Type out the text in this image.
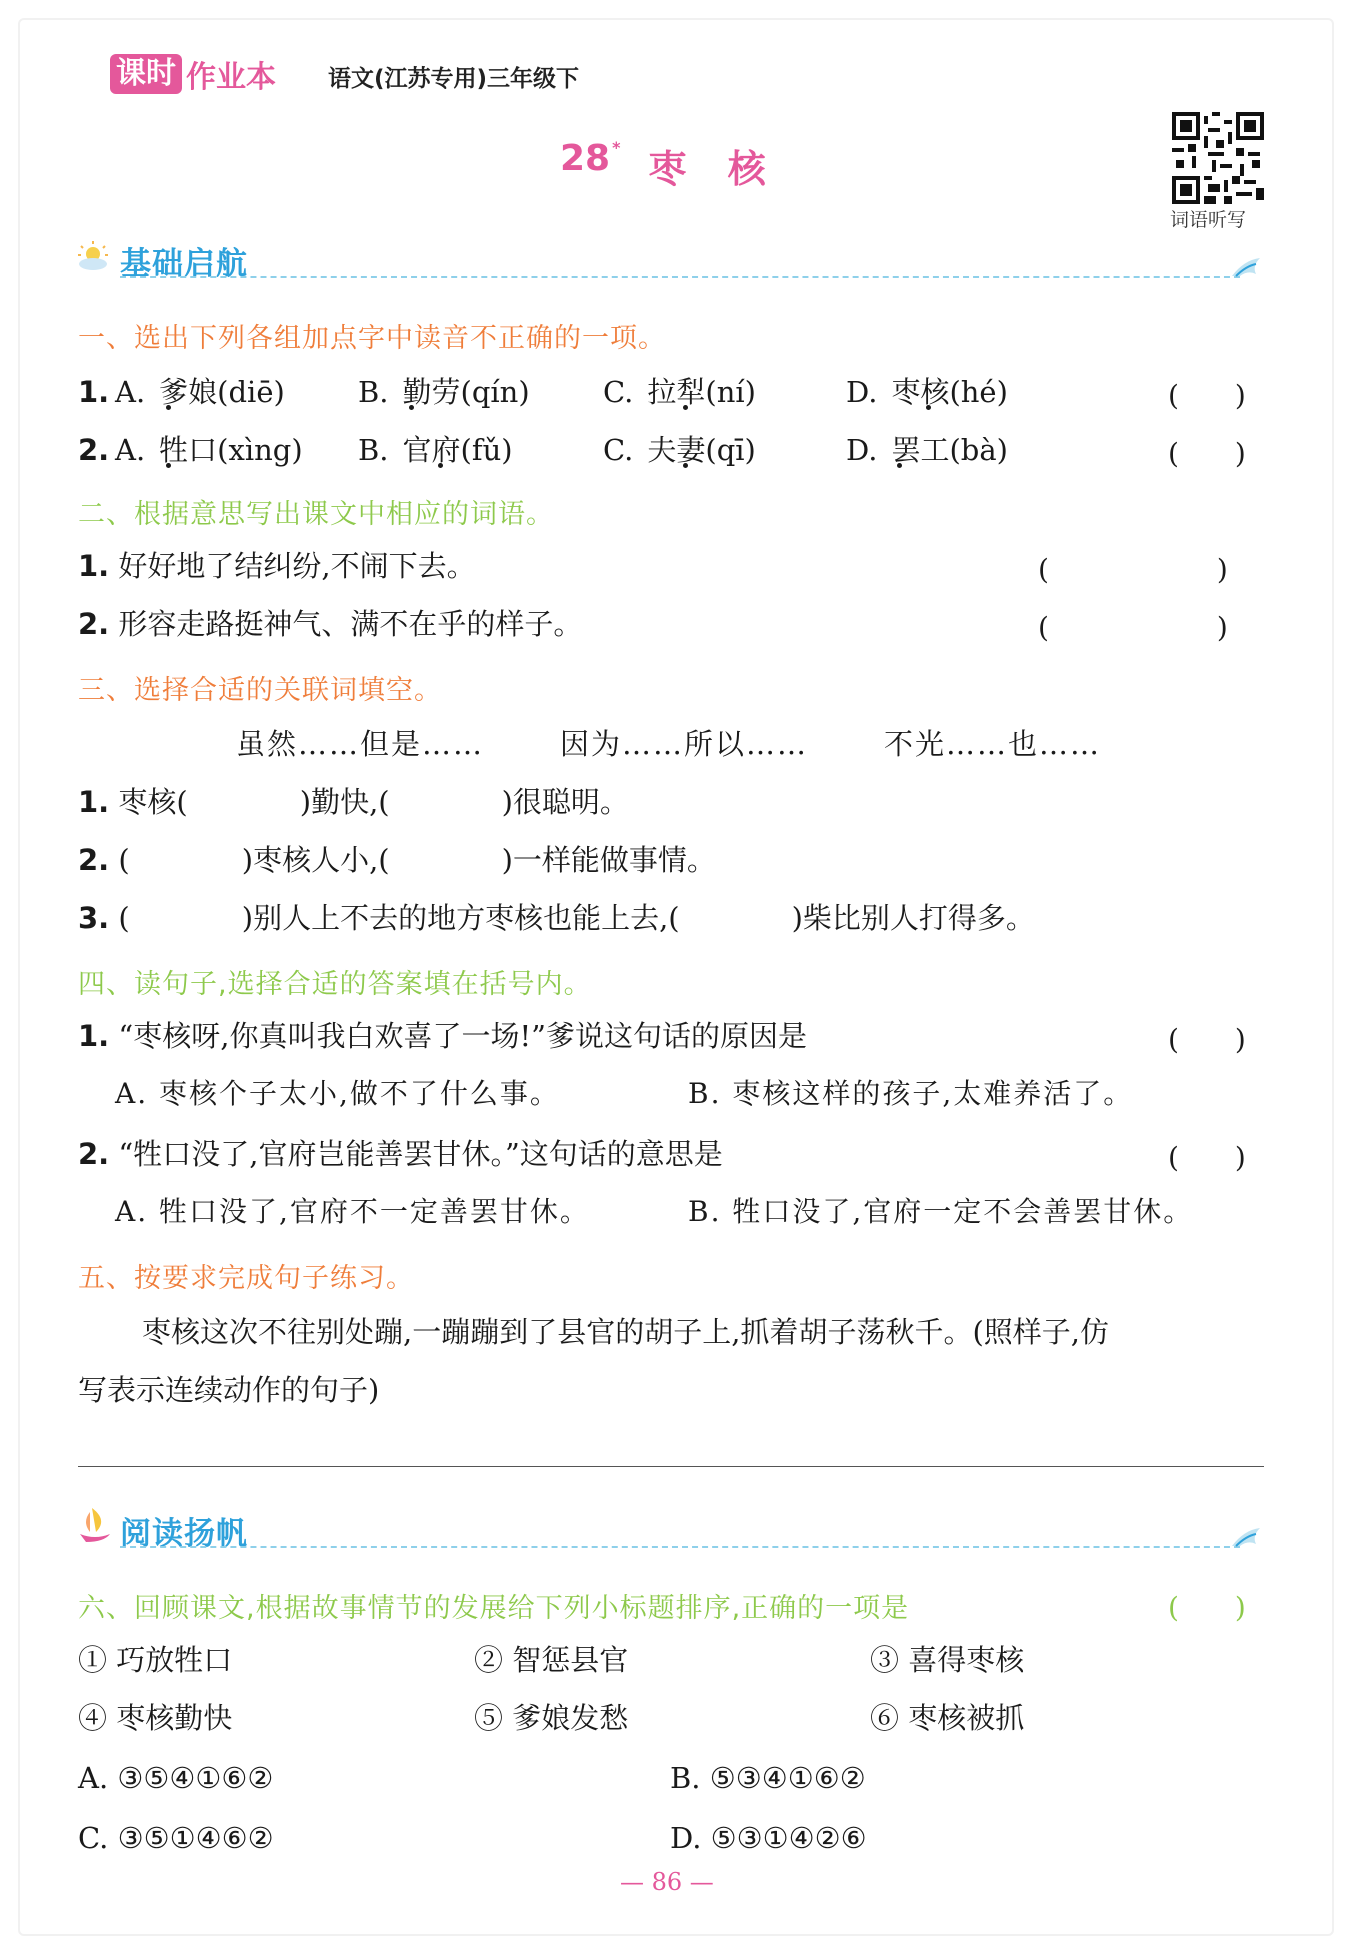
课时 作业本 语文(江苏专用)三年级下
28 * 枣 核
词语听写
基础启航
一、选出下列各组加点字中读音不正确的一项。
1. A. 爹娘(diē)	B. 勤劳(qín)	C. 拉犁(ní)	D. 枣核(hé)	(　　)
2. A. 牲口(xìng) B. 官府(fǔ)	C. 夫妻(qī)	D. 罢工(bà)	(　　)
二、根据意思写出课文中相应的词语。
1. 好好地了结纠纷,不闹下去。	(　　　　　　)
2. 形容走路挺神气、满不在乎的样子。	(　　　　　　)
三、选择合适的关联词填空。
虽然……但是……	因为……所以……	不光……也……
1. 枣核(	)勤快,(	)很聪明。
2. (	)枣核人小,(	)一样能做事情。
3. (	)别人上不去的地方枣核也能上去,(	)柴比别人打得多。
四、读句子,选择合适的答案填在括号内。
1. “枣核呀,你真叫我白欢喜了一场!”爹说这句话的原因是	(　　)
A. 枣核个子太小,做不了什么事。	B. 枣核这样的孩子,太难养活了。
2. “牲口没了,官府岂能善罢甘休。”这句话的意思是	(　　)
A. 牲口没了,官府不一定善罢甘休。	B. 牲口没了,官府一定不会善罢甘休。
五、按要求完成句子练习。
枣核这次不往别处蹦,一蹦蹦到了县官的胡子上,抓着胡子荡秋千。(照样子,仿
写表示连续动作的句子)
阅读扬帆
六、回顾课文,根据故事情节的发展给下列小标题排序,正确的一项是	(　　)
① 巧放牲口	② 智惩县官	③ 喜得枣核
④ 枣核勤快	⑤ 爹娘发愁	⑥ 枣核被抓
A. ③⑤④①⑥②	B. ⑤③④①⑥②
C. ③⑤①④⑥②	D. ⑤③①④②⑥
— 86 —
